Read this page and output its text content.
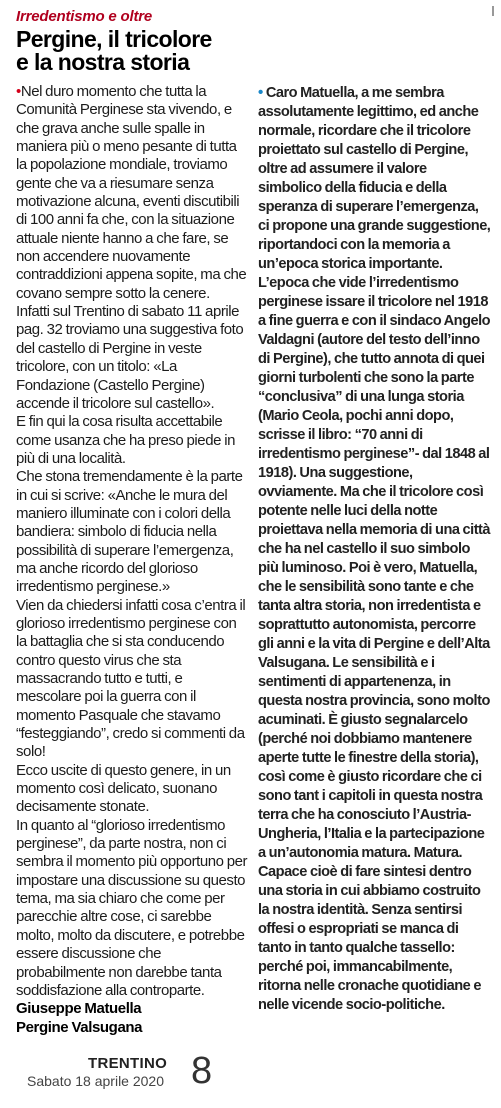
Irredentismo e oltre
Pergine, il tricolore
e la nostra storia

•Nel duro momento che tutta la Comunità Perginese sta vivendo, e che grava anche sulle spalle in maniera più o meno pesante di tutta la popolazione mondiale, troviamo gente che va a riesumare senza motivazione alcuna, eventi discutibili di 100 anni fa che, con la situazione attuale niente hanno a che fare, se non accendere nuovamente contraddizioni appena sopite, ma che covano sempre sotto la cenere.

Infatti sul Trentino di sabato 11 aprile pag. 32 troviamo una suggestiva foto del castello di Pergine in veste tricolore, con un titolo: «La Fondazione (Castello Pergine) accende il tricolore sul castello».

E fin qui la cosa risulta accettabile come usanza che ha preso piede in più di una località.

Che stona tremendamente è la parte in cui si scrive: «Anche le mura del maniero illuminate con i colori della bandiera: simbolo di fiducia nella possibilità di superare l’emergenza, ma anche ricordo del glorioso irredentismo perginese.»

Vien da chiedersi infatti cosa c’entra il glorioso irredentismo perginese con la battaglia che si sta conducendo contro questo virus che sta massacrando tutto e tutti, e mescolare poi la guerra con il momento Pasquale che stavamo “festeggiando”, credo si commenti da solo!

Ecco uscite di questo genere, in un momento così delicato, suonano decisamente stonate.

In quanto al “glorioso irredentismo perginese”, da parte nostra, non ci sembra il momento più opportuno per impostare una discussione su questo tema, ma sia chiaro che come per parecchie altre cose, ci sarebbe molto, molto da discutere, e potrebbe essere discussione che probabilmente non darebbe tanta soddisfazione alla controparte.

Giuseppe Matuella

Pergine Valsugana

• Caro Matuella, a me sembra assolutamente legittimo, ed anche normale, ricordare che il tricolore proiettato sul castello di Pergine, oltre ad assumere il valore simbolico della fiducia e della speranza di superare l’emergenza, ci propone una grande suggestione, riportandoci con la memoria a un’epoca storica importante. L’epoca che vide l’irredentismo perginese issare il tricolore nel 1918 a fine guerra e con il sindaco Angelo Valdagni (autore del testo dell’inno di Pergine), che tutto annota di quei giorni turbolenti che sono la parte “conclusiva” di una lunga storia (Mario Ceola, pochi anni dopo, scrisse il libro: “70 anni di irredentismo perginese”- dal 1848 al 1918). Una suggestione, ovviamente. Ma che il tricolore così potente nelle luci della notte proiettava nella memoria di una città che ha nel castello il suo simbolo più luminoso. Poi è vero, Matuella, che le sensibilità sono tante e che tanta altra storia, non irredentista e soprattutto autonomista, percorre gli anni e la vita di Pergine e dell’Alta Valsugana. Le sensibilità e i sentimenti di appartenenza, in questa nostra provincia, sono molto acuminati. È giusto segnalarcelo (perché noi dobbiamo mantenere aperte tutte le finestre della storia), così come è giusto ricordare che ci sono tant i capitoli in questa nostra terra che ha conosciuto l’Austria-Ungheria, l’Italia e la partecipazione a un’autonomia matura. Matura. Capace cioè di fare sintesi dentro una storia in cui abbiamo costruito la nostra identità. Senza sentirsi offesi o espropriati se manca di tanto in tanto qualche tassello: perché poi, immancabilmente, ritorna nelle cronache quotidiane e nelle vicende socio-politiche.

TRENTINO
Sabato 18 aprile 2020 8
